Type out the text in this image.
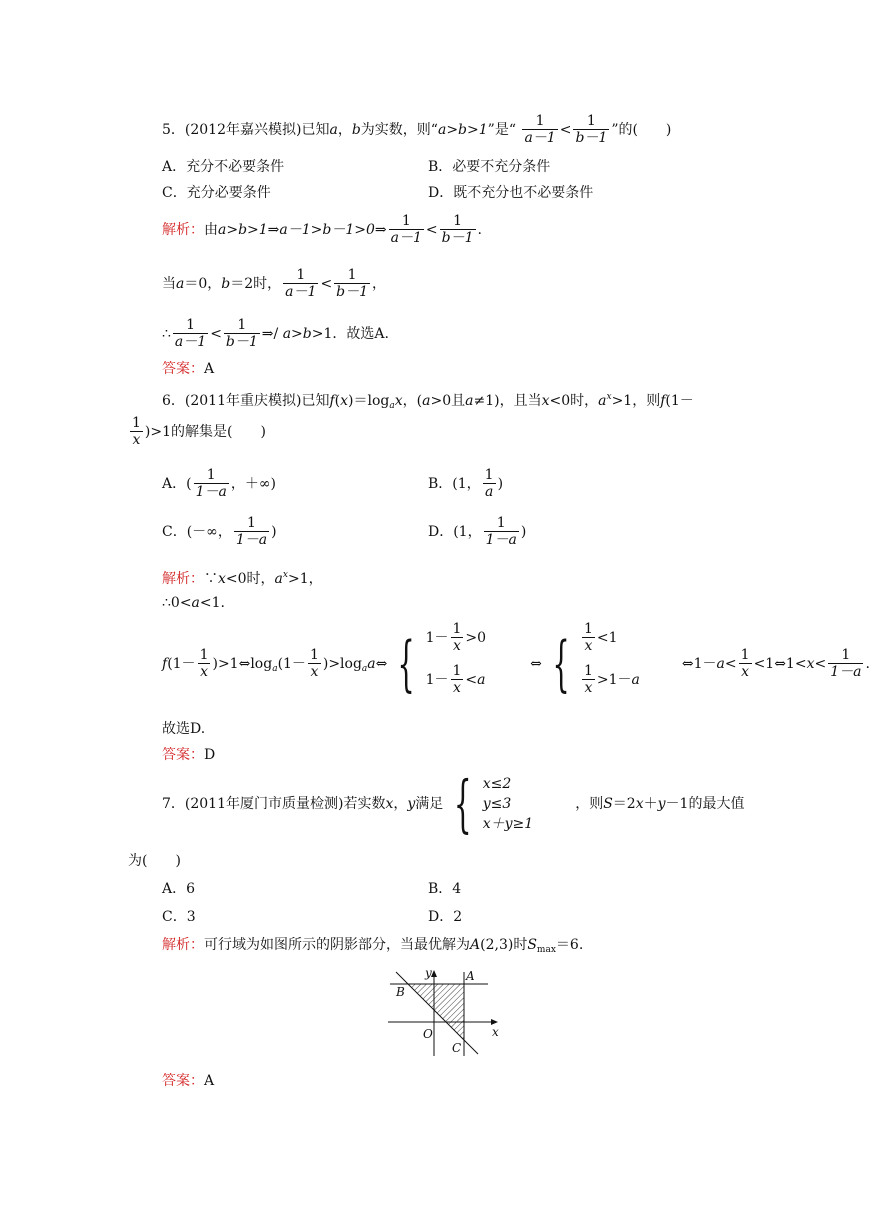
5．(2012年嘉兴模拟)已知a，b为实数，则“a>b>1”是“ $\frac{1}{a-1} < \frac{1}{b-1}$ ”的(　　)
A．充分不必要条件	B．必要不充分条件
C．充分必要条件	D．既不充分也不必要条件
解析：由a>b>1⇒a－1>b－1>0⇒ $\frac{1}{a-1} < \frac{1}{b-1}$ .
当a＝0，b＝2时， $\frac{1}{a-1} < \frac{1}{b-1}$ ，
∴ $\frac{1}{a-1} < \frac{1}{b-1}$ ⇒/ a>b>1．故选A.
答案：A
6．(2011年重庆模拟)已知$f(x)=\log_ax$，(a>0且a≠1)，且当x<0时，$a^x>1$，则f(1－
$\frac{1}{x} )>1$的解集是(　　)
A．( $\frac{1}{1-a}$ ，＋∞)	B．(1， $\frac{1}{a}$ )
C．(－∞， $\frac{1}{1-a}$ )	D．(1， $\frac{1}{1-a}$ )
解析：∵x<0时，$a^x>1$，
∴0<a<1.
$f(1- \frac{1}{x}$ )$>1\Leftrightarrow\log_a(1- \frac{1}{x}$ )$>\log_aa\Leftrightarrow$ { $1- \frac{1}{x} >0$
$1- \frac{1}{x} <a$
⇔ { $\frac{1}{x} <1$
$\frac{1}{x} >1-a$
⇔1－a< $\frac{1}{x}$ <1⇔1<x< $\frac{1}{1-a}$ .
故选D.
答案：D
7．(2011年厦门市质量检测)若实数x，y满足 { x≤2
y≤3
x＋y≥1
，则S＝2x＋y－1的最大值
为(　　)
A．6	B．4
C．3	D．2
解析：可行域为如图所示的阴影部分，当最优解为A(2,3)时$S_{max}=6$.
y	A
B
O
C
x
答案：A
